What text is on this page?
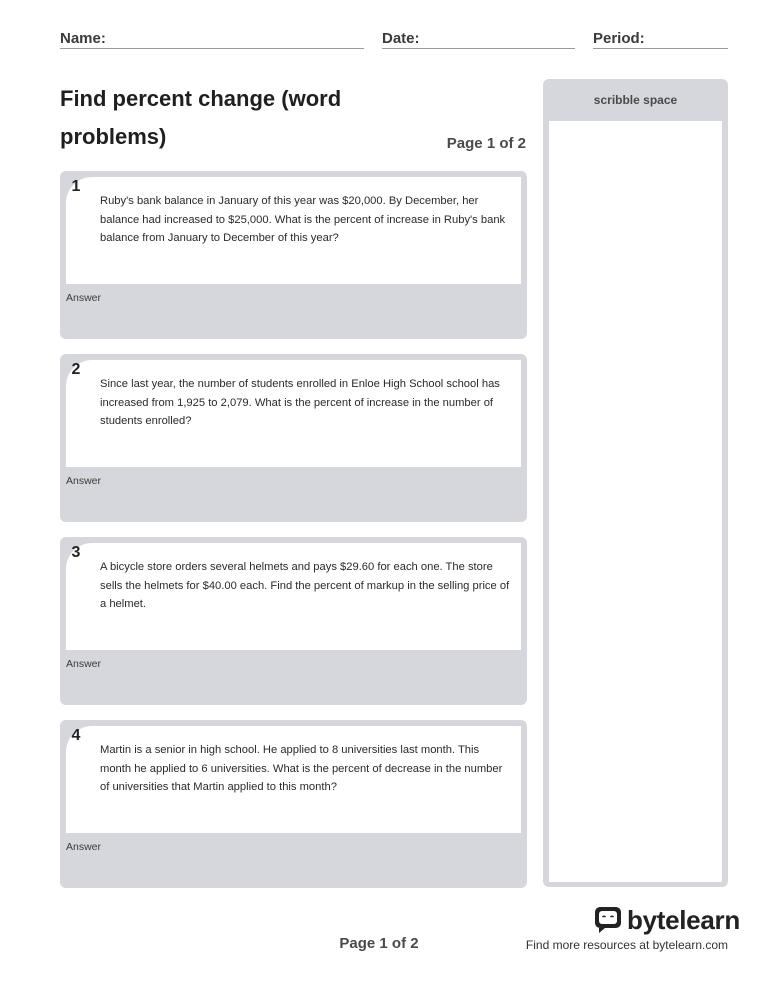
Name:	Date:	Period:
Find percent change (word problems)	Page 1 of 2
1
Ruby's bank balance in January of this year was $20,000. By December, her balance had increased to $25,000. What is the percent of increase in Ruby's bank balance from January to December of this year?
Answer
2
Since last year, the number of students enrolled in Enloe High School school has increased from 1,925 to 2,079. What is the percent of increase in the number of students enrolled?
Answer
3
A bicycle store orders several helmets and pays $29.60 for each one. The store sells the helmets for $40.00 each. Find the percent of markup in the selling price of a helmet.
Answer
4
Martin is a senior in high school. He applied to 8 universities last month. This month he applied to 6 universities. What is the percent of decrease in the number of universities that Martin applied to this month?
Answer
scribble space
bytelearn
Find more resources at bytelearn.com
Page 1 of 2
